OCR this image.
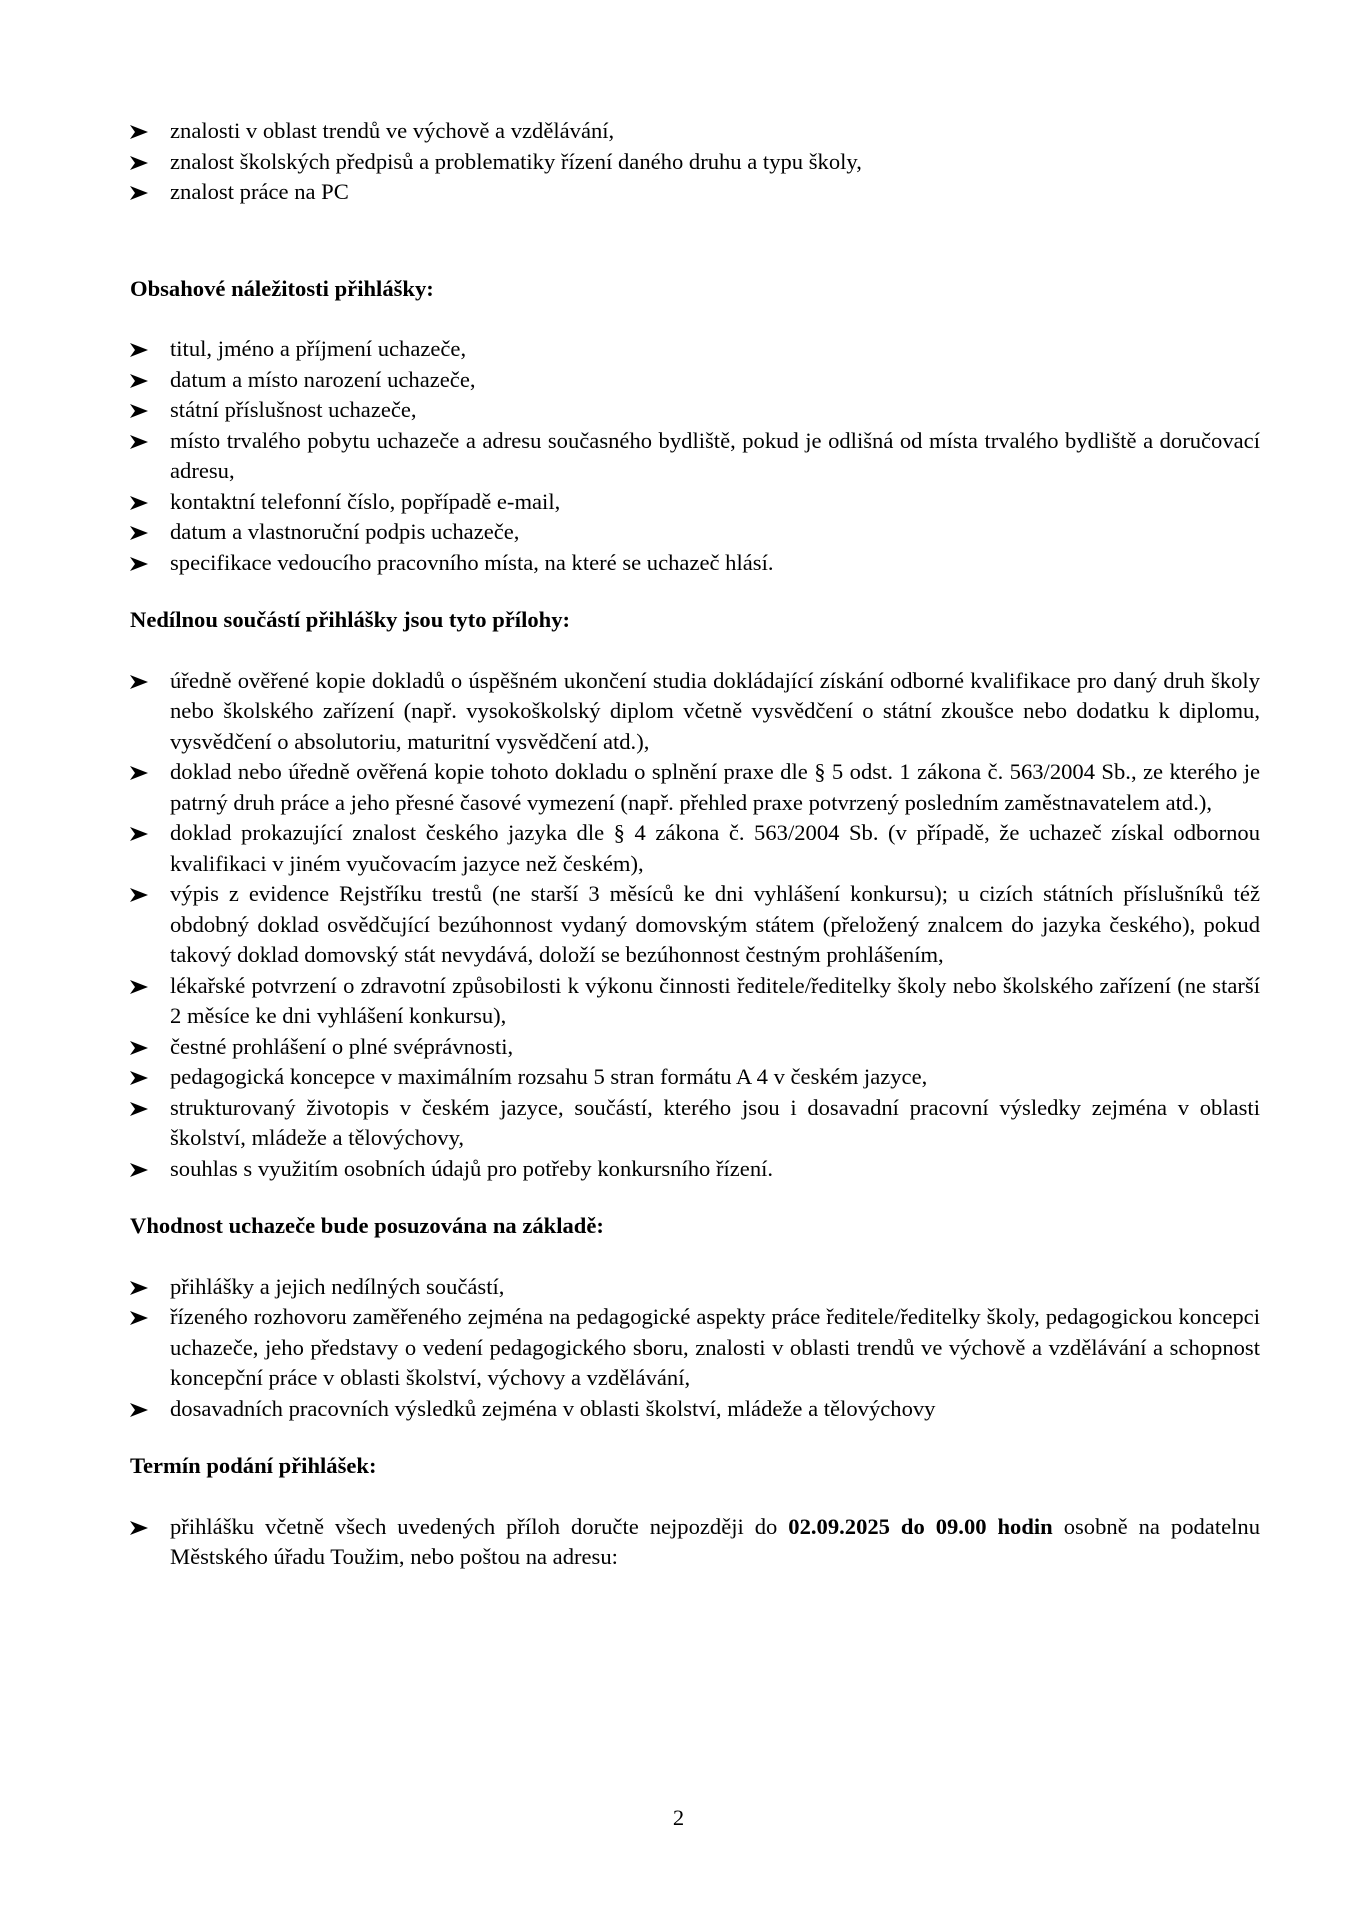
znalosti v oblast trendů ve výchově a vzdělávání,
znalost školských předpisů a problematiky řízení daného druhu a typu školy,
znalost práce na PC
Obsahové náležitosti přihlášky:
titul, jméno a příjmení uchazeče,
datum a místo narození uchazeče,
státní příslušnost uchazeče,
místo trvalého pobytu uchazeče a adresu současného bydliště, pokud je odlišná od místa trvalého bydliště a doručovací adresu,
kontaktní telefonní číslo, popřípadě e-mail,
datum a vlastnoruční podpis uchazeče,
specifikace vedoucího pracovního místa, na které se uchazeč hlásí.
Nedílnou součástí přihlášky jsou tyto přílohy:
úředně ověřené kopie dokladů o úspěšném ukončení studia dokládající získání odborné kvalifikace pro daný druh školy nebo školského zařízení (např. vysokoškolský diplom včetně vysvědčení o státní zkoušce nebo dodatku k diplomu, vysvědčení o absolutoriu, maturitní vysvědčení atd.),
doklad nebo úředně ověřená kopie tohoto dokladu o splnění praxe dle § 5 odst. 1 zákona č. 563/2004 Sb., ze kterého je patrný druh práce a jeho přesné časové vymezení (např. přehled praxe potvrzený posledním zaměstnavatelem atd.),
doklad prokazující znalost českého jazyka dle § 4 zákona č. 563/2004 Sb. (v případě, že uchazeč získal odbornou kvalifikaci v jiném vyučovacím jazyce než českém),
výpis z evidence Rejstříku trestů (ne starší 3 měsíců ke dni vyhlášení konkursu); u cizích státních příslušníků též obdobný doklad osvědčující bezúhonnost vydaný domovským státem (přeložený znalcem do jazyka českého), pokud takový doklad domovský stát nevydává, doloží se bezúhonnost čestným prohlášením,
lékařské potvrzení o zdravotní způsobilosti k výkonu činnosti ředitele/ředitelky školy nebo školského zařízení (ne starší 2 měsíce ke dni vyhlášení konkursu),
čestné prohlášení o plné svéprávnosti,
pedagogická koncepce v maximálním rozsahu 5 stran formátu A 4 v českém jazyce,
strukturovaný životopis v českém jazyce, součástí, kterého jsou i dosavadní pracovní výsledky zejména v oblasti školství, mládeže a tělovýchovy,
souhlas s využitím osobních údajů pro potřeby konkursního řízení.
Vhodnost uchazeče bude posuzována na základě:
přihlášky a jejich nedílných součástí,
řízeného rozhovoru zaměřeného zejména na pedagogické aspekty práce ředitele/ředitelky školy, pedagogickou koncepci uchazeče, jeho představy o vedení pedagogického sboru, znalosti v oblasti trendů ve výchově a vzdělávání a schopnost koncepční práce v oblasti školství, výchovy a vzdělávání,
dosavadních pracovních výsledků zejména v oblasti školství, mládeže a tělovýchovy
Termín podání přihlášek:
přihlášku včetně všech uvedených příloh doručte nejpozději do 02.09.2025 do 09.00 hodin osobně na podatelnu Městského úřadu Toužim, nebo poštou na adresu:
2
